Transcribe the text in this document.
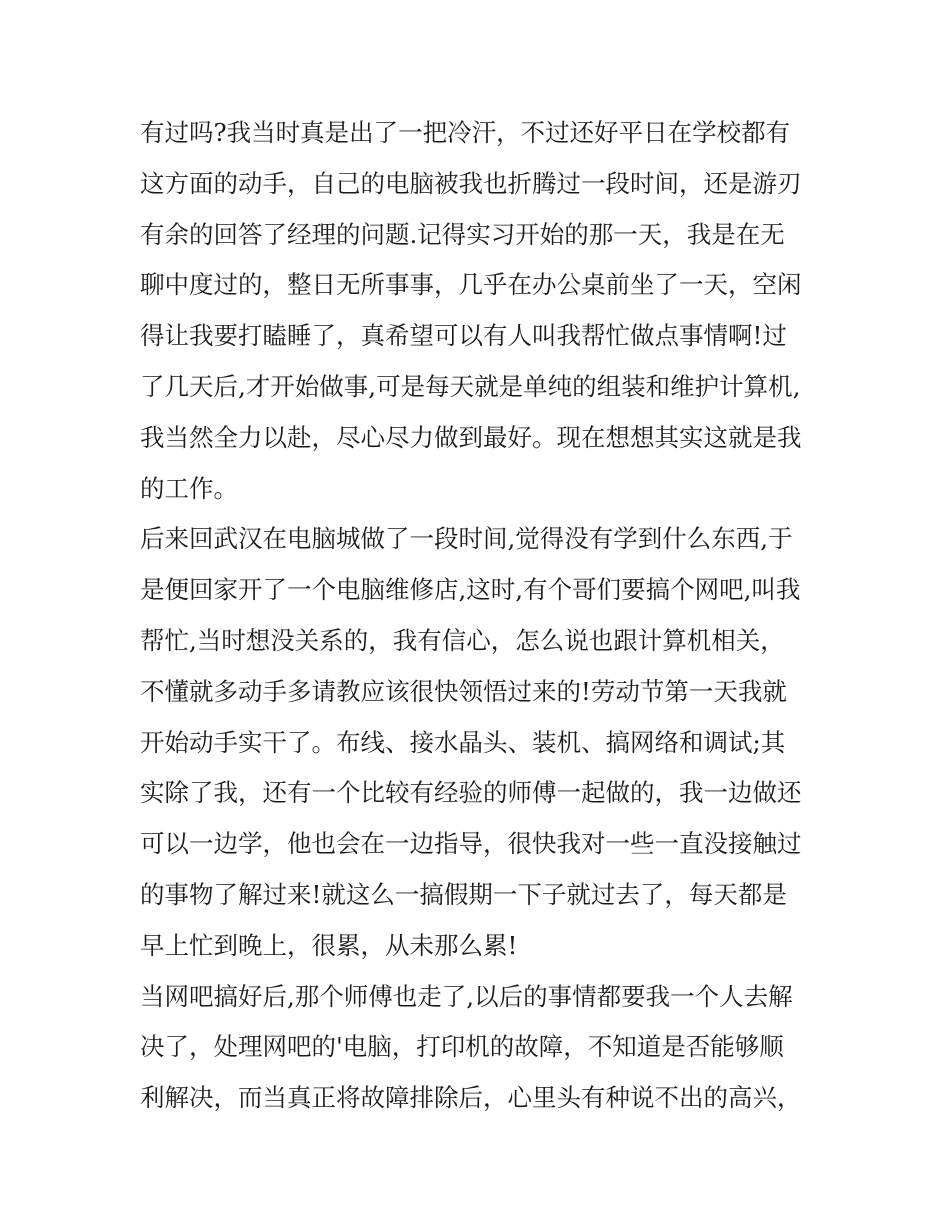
有过吗?我当时真是出了一把冷汗，不过还好平日在学校都有
这方面的动手，自己的电脑被我也折腾过一段时间，还是游刃
有余的回答了经理的问题.记得实习开始的那一天，我是在无
聊中度过的，整日无所事事，几乎在办公桌前坐了一天，空闲
得让我要打瞌睡了，真希望可以有人叫我帮忙做点事情啊!过
了几天后,才开始做事,可是每天就是单纯的组装和维护计算机,
我当然全力以赴，尽心尽力做到最好。现在想想其实这就是我
的工作。
后来回武汉在电脑城做了一段时间,觉得没有学到什么东西,于
是便回家开了一个电脑维修店,这时,有个哥们要搞个网吧,叫我
帮忙,当时想没关系的，我有信心，怎么说也跟计算机相关，
不懂就多动手多请教应该很快领悟过来的!劳动节第一天我就
开始动手实干了。布线、接水晶头、装机、搞网络和调试;其
实除了我，还有一个比较有经验的师傅一起做的，我一边做还
可以一边学，他也会在一边指导，很快我对一些一直没接触过
的事物了解过来!就这么一搞假期一下子就过去了，每天都是
早上忙到晚上，很累，从未那么累!
当网吧搞好后,那个师傅也走了,以后的事情都要我一个人去解
决了，处理网吧的'电脑，打印机的故障，不知道是否能够顺
利解决，而当真正将故障排除后，心里头有种说不出的高兴，
